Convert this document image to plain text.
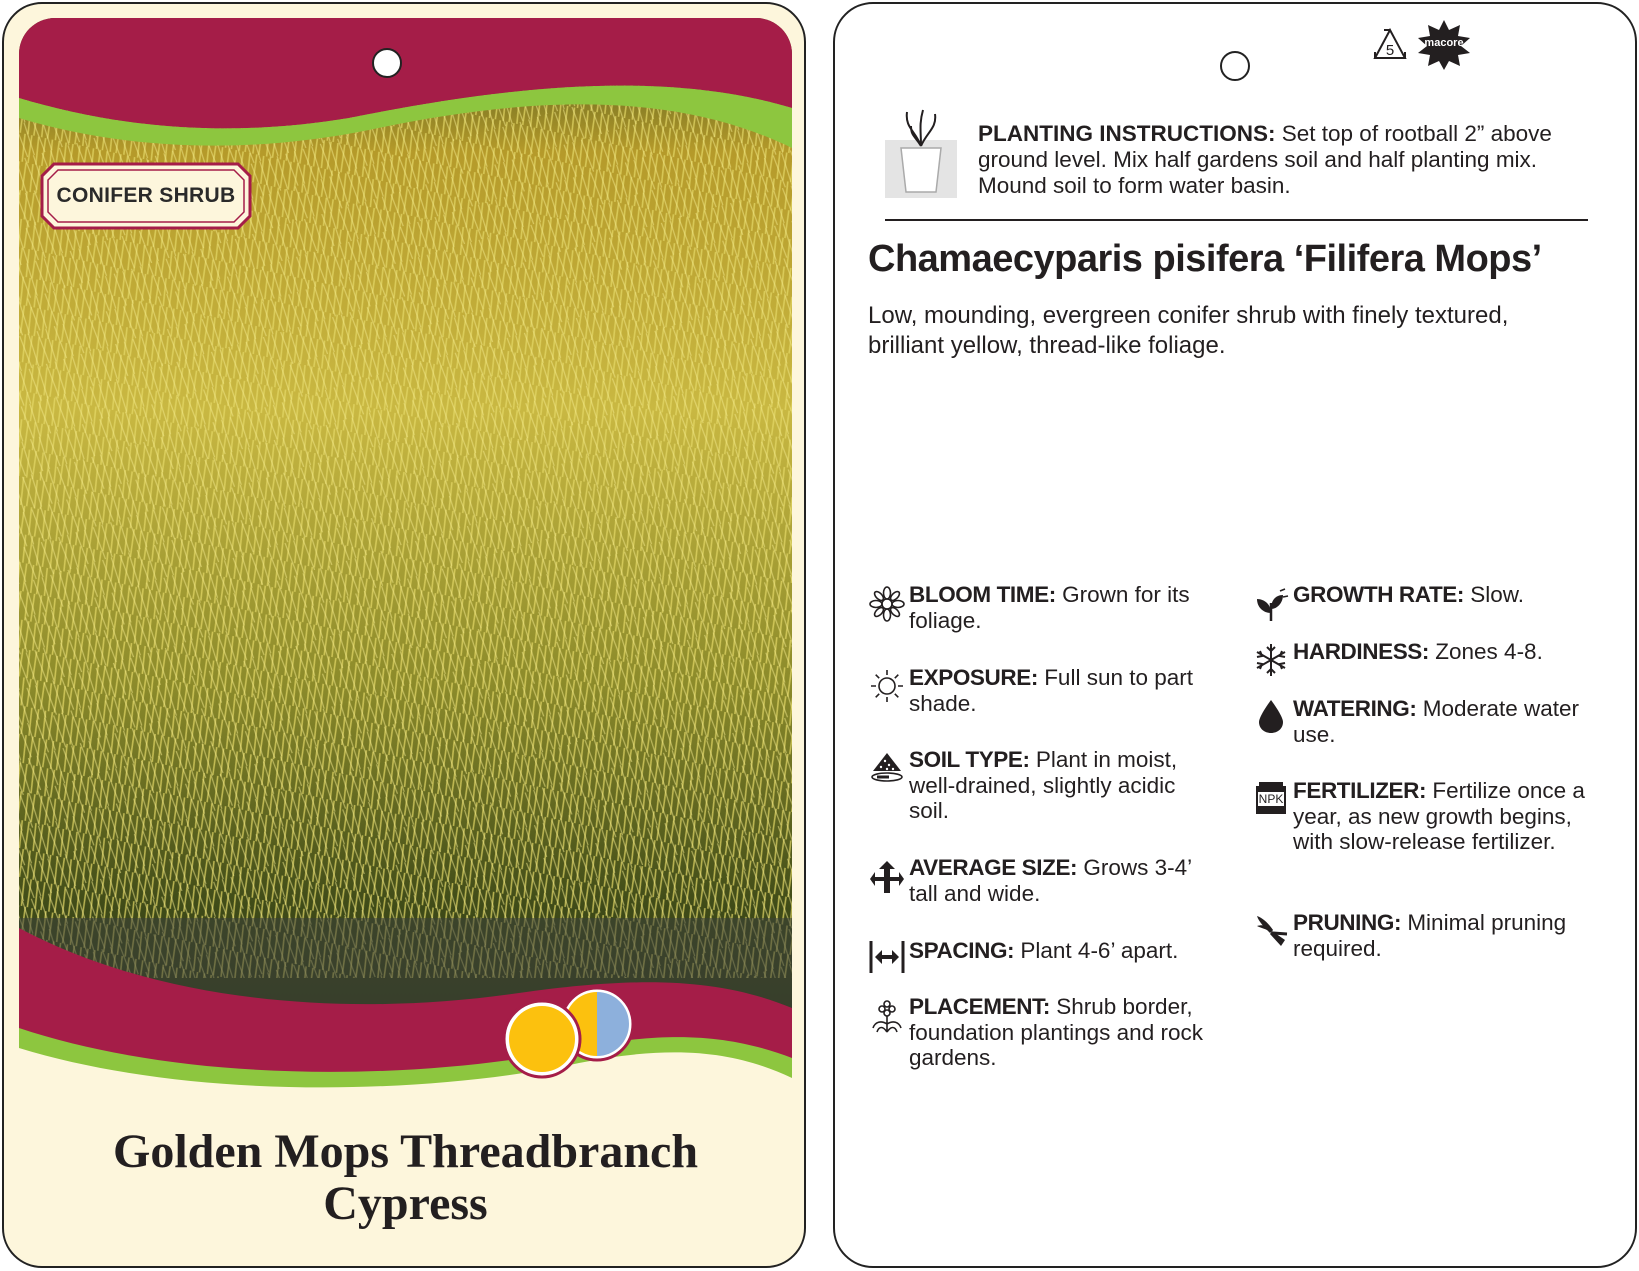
CONIFER SHRUB
Golden Mops Threadbranch
Cypress
5	macore
PLANTING INSTRUCTIONS: Set top of rootball 2” above ground level. Mix half gardens soil and half planting mix. Mound soil to form water basin.
Chamaecyparis pisifera ‘Filifera Mops’
Low, mounding, evergreen conifer shrub with finely textured, brilliant yellow, thread-like foliage.
BLOOM TIME: Grown for its foliage.
EXPOSURE: Full sun to part shade.
SOIL TYPE: Plant in moist, well-drained, slightly acidic soil.
AVERAGE SIZE: Grows 3-4’ tall and wide.
SPACING: Plant 4-6’ apart.
PLACEMENT: Shrub border, foundation plantings and rock gardens.
GROWTH RATE: Slow.
HARDINESS: Zones 4-8.
WATERING: Moderate water use.
NPK FERTILIZER: Fertilize once a year, as new growth begins, with slow-release fertilizer.
PRUNING: Minimal pruning required.
